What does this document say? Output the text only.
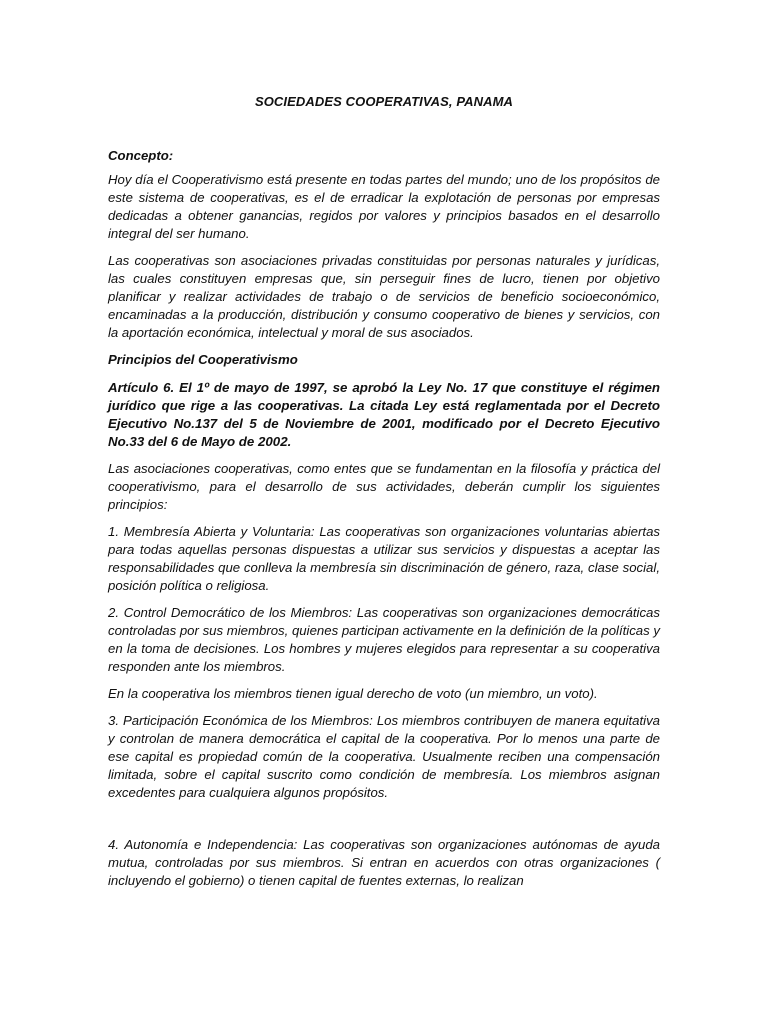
SOCIEDADES COOPERATIVAS, PANAMA
Concepto:

Hoy día el Cooperativismo está presente en todas partes del mundo; uno de los propósitos de este sistema de cooperativas, es el de erradicar la explotación de personas por empresas dedicadas a obtener ganancias, regidos por valores y principios basados en el desarrollo integral del ser humano.

Las cooperativas son asociaciones privadas constituidas por personas naturales y jurídicas, las cuales constituyen empresas que, sin perseguir fines de lucro, tienen por objetivo planificar y realizar actividades de trabajo o de servicios de beneficio socioeconómico, encaminadas a la producción, distribución y consumo cooperativo de bienes y servicios, con la aportación económica, intelectual y moral de sus asociados.

Principios del Cooperativismo

Artículo 6. El 1º de mayo de 1997, se aprobó la Ley No. 17 que constituye el régimen jurídico que rige a las cooperativas. La citada Ley está reglamentada por el Decreto Ejecutivo No.137 del 5 de Noviembre de 2001, modificado por el Decreto Ejecutivo No.33 del 6 de Mayo de 2002.

Las asociaciones cooperativas, como entes que se fundamentan en la filosofía y práctica del cooperativismo, para el desarrollo de sus actividades, deberán cumplir los siguientes principios:

1. Membresía Abierta y Voluntaria: Las cooperativas son organizaciones voluntarias abiertas para todas aquellas personas dispuestas a utilizar sus servicios y dispuestas a aceptar las responsabilidades que conlleva la membresía sin discriminación de género, raza, clase social, posición política o religiosa.

2. Control Democrático de los Miembros: Las cooperativas son organizaciones democráticas controladas por sus miembros, quienes participan activamente en la definición de la políticas y en la toma de decisiones. Los hombres y mujeres elegidos para representar a su cooperativa responden ante los miembros.

En la cooperativa los miembros tienen igual derecho de voto (un miembro, un voto).

3. Participación Económica de los Miembros: Los miembros contribuyen de manera equitativa y controlan de manera democrática el capital de la cooperativa. Por lo menos una parte de ese capital es propiedad común de la cooperativa. Usualmente reciben una compensación limitada, sobre el capital suscrito como condición de membresía. Los miembros asignan excedentes para cualquiera algunos propósitos.

4. Autonomía e Independencia: Las cooperativas son organizaciones autónomas de ayuda mutua, controladas por sus miembros. Si entran en acuerdos con otras organizaciones ( incluyendo el gobierno) o tienen capital de fuentes externas, lo realizan
